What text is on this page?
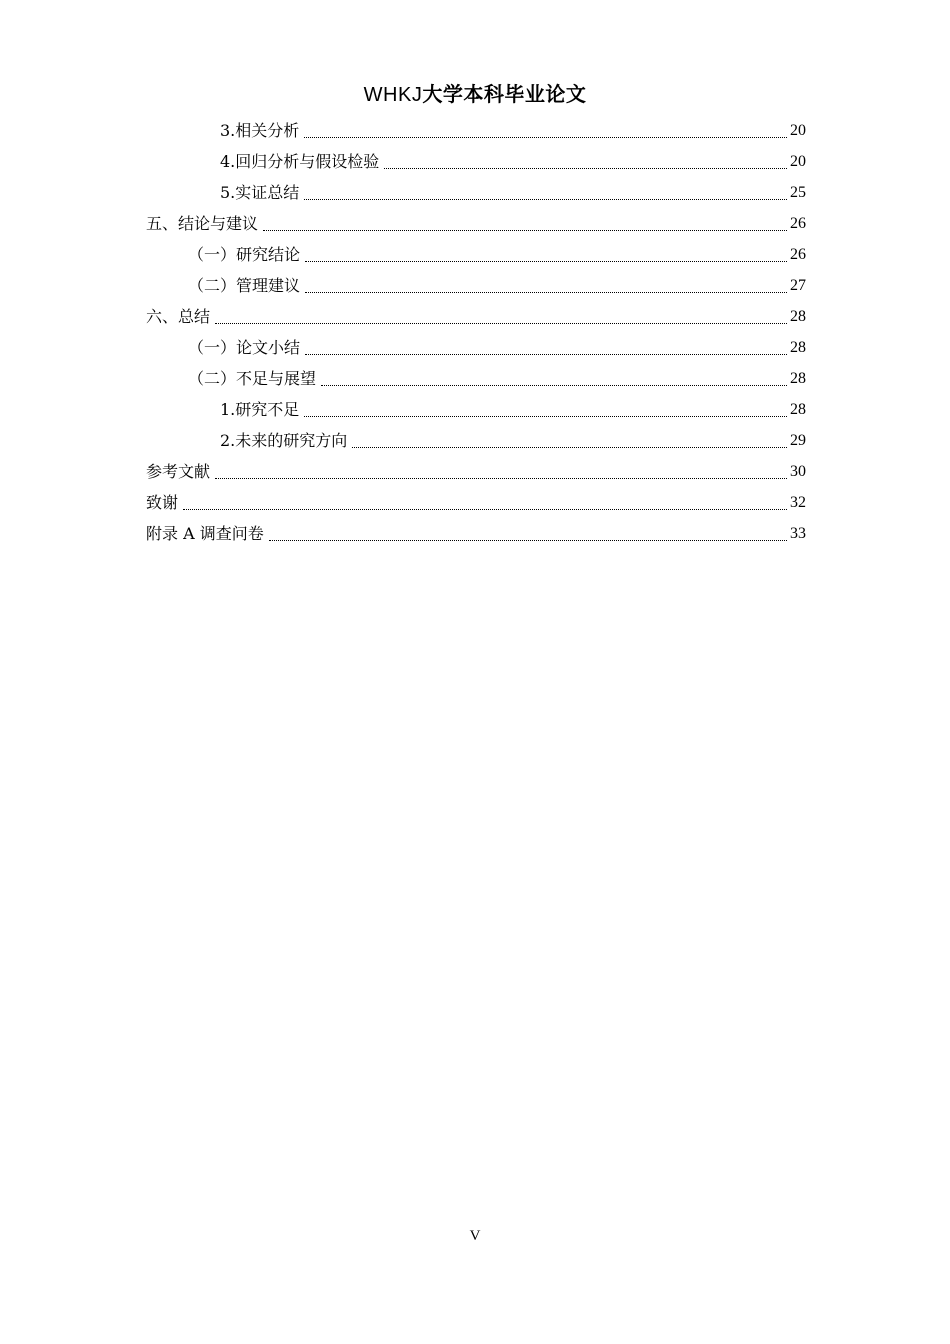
WHKJ大学本科毕业论文
3.相关分析	20
4.回归分析与假设检验	20
5.实证总结	25
五、结论与建议	26
（一）研究结论	26
（二）管理建议	27
六、总结	28
（一）论文小结	28
（二）不足与展望	28
1.研究不足	28
2.未来的研究方向	29
参考文献	30
致谢	32
附录 A 调查问卷	33
V
